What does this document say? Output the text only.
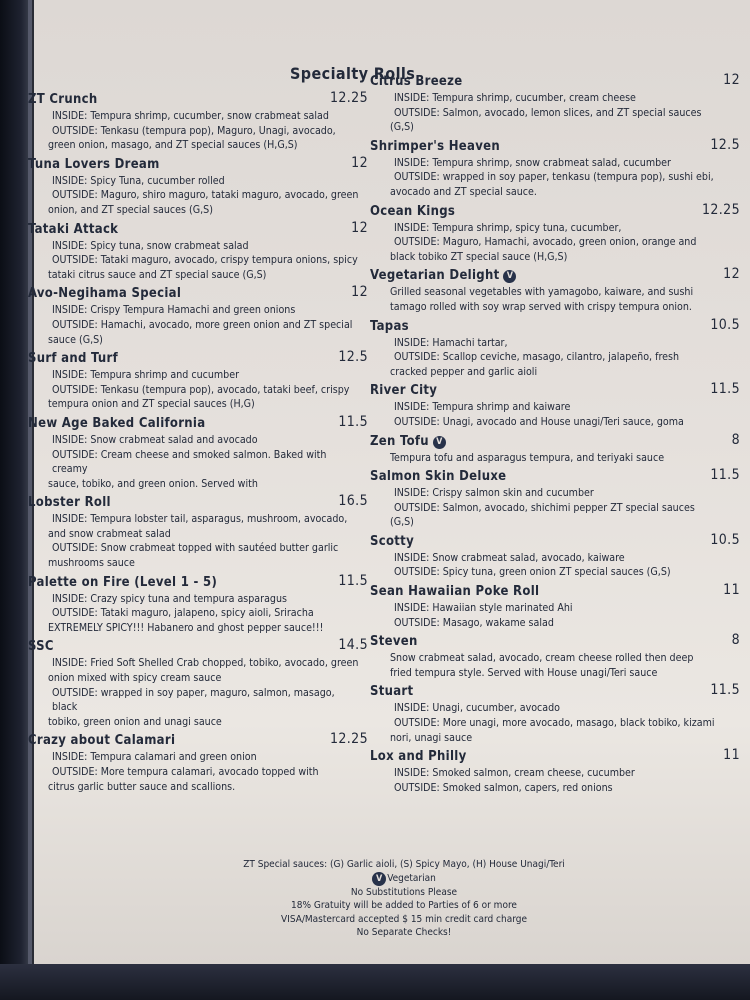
Specialty Rolls
ZT Crunch	12.25
INSIDE: Tempura shrimp, cucumber, snow crabmeat salad
OUTSIDE: Tenkasu (tempura pop), Maguro, Unagi, avocado,
green onion, masago, and ZT special sauces (H,G,S)
Tuna Lovers Dream	12
INSIDE: Spicy Tuna, cucumber rolled
OUTSIDE: Maguro, shiro maguro, tataki maguro, avocado, green
onion, and ZT special sauces (G,S)
Tataki Attack	12
INSIDE: Spicy tuna, snow crabmeat salad
OUTSIDE: Tataki maguro, avocado, crispy tempura onions, spicy
tataki citrus sauce and ZT special sauce (G,S)
Avo-Negihama Special	12
INSIDE: Crispy Tempura Hamachi and green onions
OUTSIDE: Hamachi, avocado, more green onion and ZT special
sauce (G,S)
Surf and Turf	12.5
INSIDE: Tempura shrimp and cucumber
OUTSIDE: Tenkasu (tempura pop), avocado, tataki beef, crispy
tempura onion and ZT special sauces (H,G)
New Age Baked California	11.5
INSIDE: Snow crabmeat salad and avocado
OUTSIDE: Cream cheese and smoked salmon. Baked with creamy
sauce, tobiko, and green onion. Served with
Lobster Roll	16.5
INSIDE: Tempura lobster tail, asparagus, mushroom, avocado,
and snow crabmeat salad
OUTSIDE: Snow crabmeat topped with sautéed butter garlic
mushrooms sauce
Palette on Fire (Level 1 - 5)	11.5
INSIDE: Crazy spicy tuna and tempura asparagus
OUTSIDE: Tataki maguro, jalapeno, spicy aioli, Sriracha
EXTREMELY SPICY!!! Habanero and ghost pepper sauce!!!
SSC	14.5
INSIDE: Fried Soft Shelled Crab chopped, tobiko, avocado, green
onion mixed with spicy cream sauce
OUTSIDE: wrapped in soy paper, maguro, salmon, masago, black
tobiko, green onion and unagi sauce
Crazy about Calamari	12.25
INSIDE: Tempura calamari and green onion
OUTSIDE: More tempura calamari, avocado topped with
citrus garlic butter sauce and scallions.
Citrus Breeze	12
INSIDE: Tempura shrimp, cucumber, cream cheese
OUTSIDE: Salmon, avocado, lemon slices, and ZT special sauces
(G,S)
Shrimper's Heaven	12.5
INSIDE: Tempura shrimp, snow crabmeat salad, cucumber
OUTSIDE: wrapped in soy paper, tenkasu (tempura pop), sushi ebi,
avocado and ZT special sauce.
Ocean Kings	12.25
INSIDE: Tempura shrimp, spicy tuna, cucumber,
OUTSIDE: Maguro, Hamachi, avocado, green onion, orange and
black tobiko ZT special sauce (H,G,S)
Vegetarian Delight V	12
Grilled seasonal vegetables with yamagobo, kaiware, and sushi
tamago rolled with soy wrap served with crispy tempura onion.
Tapas	10.5
INSIDE: Hamachi tartar,
OUTSIDE: Scallop ceviche, masago, cilantro, jalapeño, fresh
cracked pepper and garlic aioli
River City	11.5
INSIDE: Tempura shrimp and kaiware
OUTSIDE: Unagi, avocado and House unagi/Teri sauce, goma
Zen Tofu V	8
Tempura tofu and asparagus tempura, and teriyaki sauce
Salmon Skin Deluxe	11.5
INSIDE: Crispy salmon skin and cucumber
OUTSIDE: Salmon, avocado, shichimi pepper ZT special sauces
(G,S)
Scotty	10.5
INSIDE: Snow crabmeat salad, avocado, kaiware
OUTSIDE: Spicy tuna, green onion ZT special sauces (G,S)
Sean Hawaiian Poke Roll	11
INSIDE: Hawaiian style marinated Ahi
OUTSIDE: Masago, wakame salad
Steven	8
Snow crabmeat salad, avocado, cream cheese rolled then deep
fried tempura style. Served with House unagi/Teri sauce
Stuart	11.5
INSIDE: Unagi, cucumber, avocado
OUTSIDE: More unagi, more avocado, masago, black tobiko, kizami
nori, unagi sauce
Lox and Philly	11
INSIDE: Smoked salmon, cream cheese, cucumber
OUTSIDE: Smoked salmon, capers, red onions
ZT Special sauces: (G) Garlic aioli, (S) Spicy Mayo, (H) House Unagi/Teri
V Vegetarian
No Substitutions Please
18% Gratuity will be added to Parties of 6 or more
VISA/Mastercard accepted $ 15 min credit card charge
No Separate Checks!
